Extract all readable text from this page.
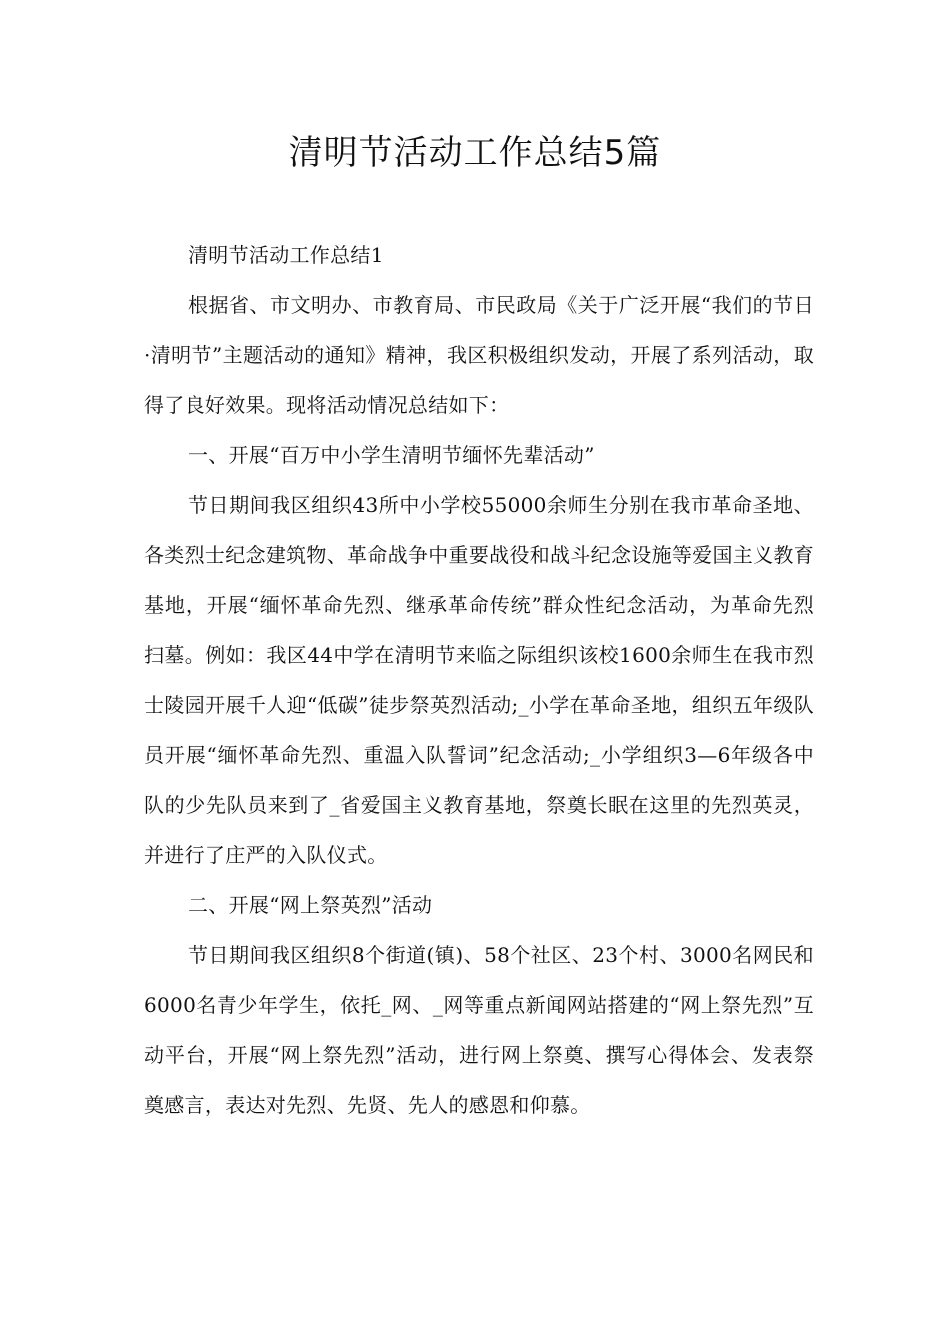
清明节活动工作总结5篇

清明节活动工作总结1

根据省、市文明办、市教育局、市民政局《关于广泛开展“我们的节日·清明节”主题活动的通知》精神，我区积极组织发动，开展了系列活动，取得了良好效果。现将活动情况总结如下：

一、开展“百万中小学生清明节缅怀先辈活动”

节日期间我区组织43所中小学校55000余师生分别在我市革命圣地、各类烈士纪念建筑物、革命战争中重要战役和战斗纪念设施等爱国主义教育基地，开展“缅怀革命先烈、继承革命传统”群众性纪念活动，为革命先烈扫墓。例如：我区44中学在清明节来临之际组织该校1600余师生在我市烈士陵园开展千人迎“低碳”徒步祭英烈活动;_小学在革命圣地，组织五年级队员开展“缅怀革命先烈、重温入队誓词”纪念活动;_小学组织3—6年级各中队的少先队员来到了_省爱国主义教育基地，祭奠长眠在这里的先烈英灵，并进行了庄严的入队仪式。

二、开展“网上祭英烈”活动

节日期间我区组织8个街道(镇)、58个社区、23个村、3000名网民和6000名青少年学生，依托_网、_网等重点新闻网站搭建的“网上祭先烈”互动平台，开展“网上祭先烈”活动，进行网上祭奠、撰写心得体会、发表祭奠感言，表达对先烈、先贤、先人的感恩和仰慕。
